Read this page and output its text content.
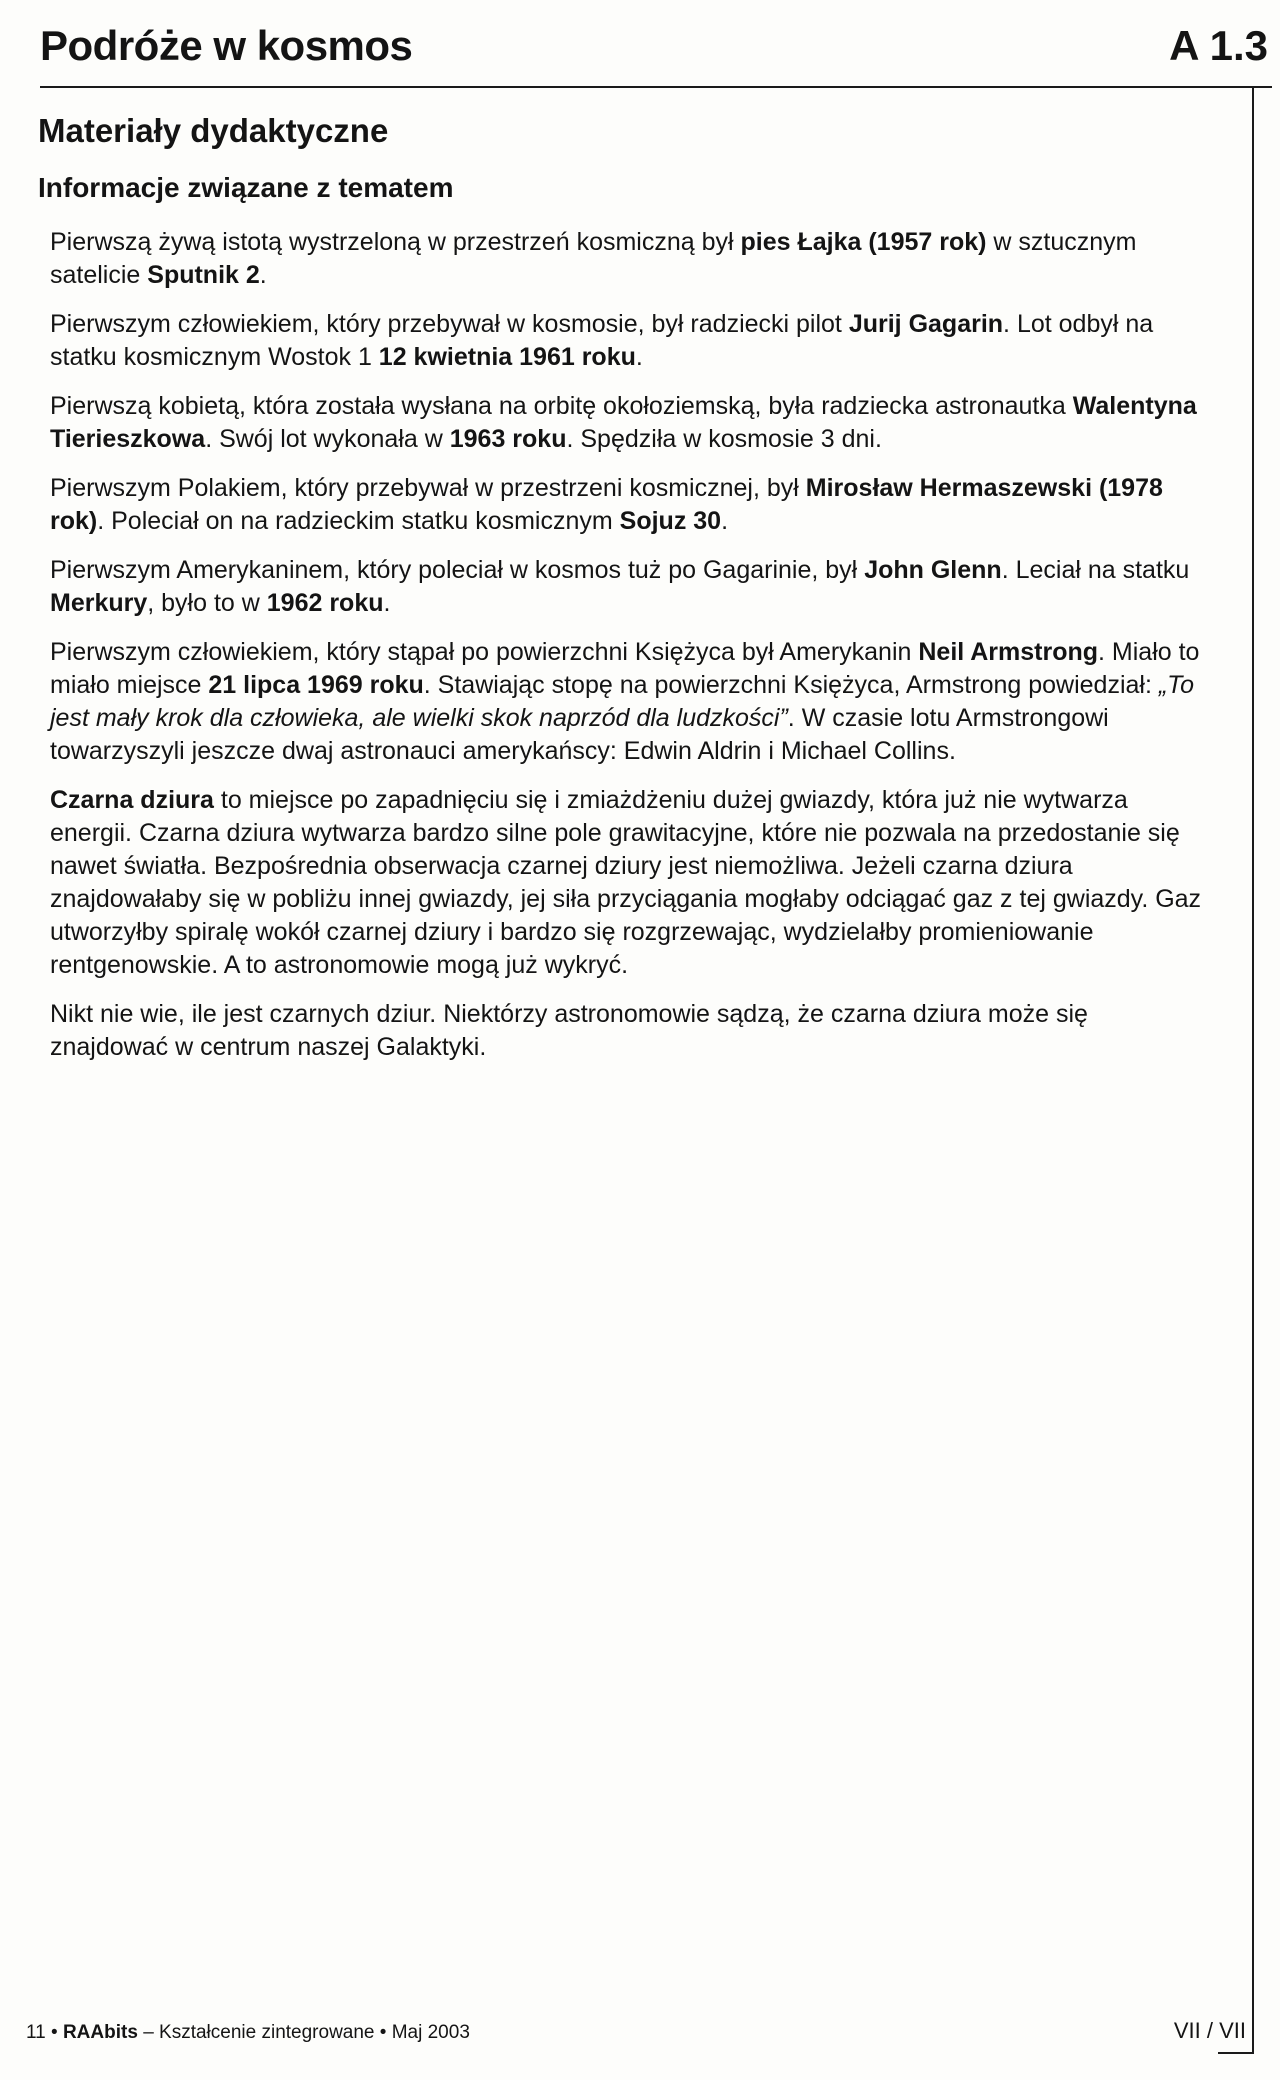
Podróże w kosmos	A 1.3
Materiały dydaktyczne
Informacje związane z tematem

Pierwszą żywą istotą wystrzeloną w przestrzeń kosmiczną był pies Łajka (1957 rok) w sztucznym satelicie Sputnik 2.

Pierwszym człowiekiem, który przebywał w kosmosie, był radziecki pilot Jurij Gagarin. Lot odbył na statku kosmicznym Wostok 1 12 kwietnia 1961 roku.

Pierwszą kobietą, która została wysłana na orbitę okołoziemską, była radziecka astronautka Walentyna Tierieszkowa. Swój lot wykonała w 1963 roku. Spędziła w kosmosie 3 dni.

Pierwszym Polakiem, który przebywał w przestrzeni kosmicznej, był Mirosław Hermaszewski (1978 rok). Poleciał on na radzieckim statku kosmicznym Sojuz 30.

Pierwszym Amerykaninem, który poleciał w kosmos tuż po Gagarinie, był John Glenn. Leciał na statku Merkury, było to w 1962 roku.

Pierwszym człowiekiem, który stąpał po powierzchni Księżyca był Amerykanin Neil Armstrong. Miało to miało miejsce 21 lipca 1969 roku. Stawiając stopę na powierzchni Księżyca, Armstrong powiedział: „To jest mały krok dla człowieka, ale wielki skok naprzód dla ludzkości”. W czasie lotu Armstrongowi towarzyszyli jeszcze dwaj astronauci amerykańscy: Edwin Aldrin i Michael Collins.

Czarna dziura to miejsce po zapadnięciu się i zmiażdżeniu dużej gwiazdy, która już nie wytwarza energii. Czarna dziura wytwarza bardzo silne pole grawitacyjne, które nie pozwala na przedostanie się nawet światła. Bezpośrednia obserwacja czarnej dziury jest niemożliwa. Jeżeli czarna dziura znajdowałaby się w pobliżu innej gwiazdy, jej siła przyciągania mogłaby odciągać gaz z tej gwiazdy. Gaz utworzyłby spiralę wokół czarnej dziury i bardzo się rozgrzewając, wydzielałby promieniowanie rentgenowskie. A to astronomowie mogą już wykryć.

Nikt nie wie, ile jest czarnych dziur. Niektórzy astronomowie sądzą, że czarna dziura może się znajdować w centrum naszej Galaktyki.

11 • RAAbits – Kształcenie zintegrowane • Maj 2003	VII / VII
